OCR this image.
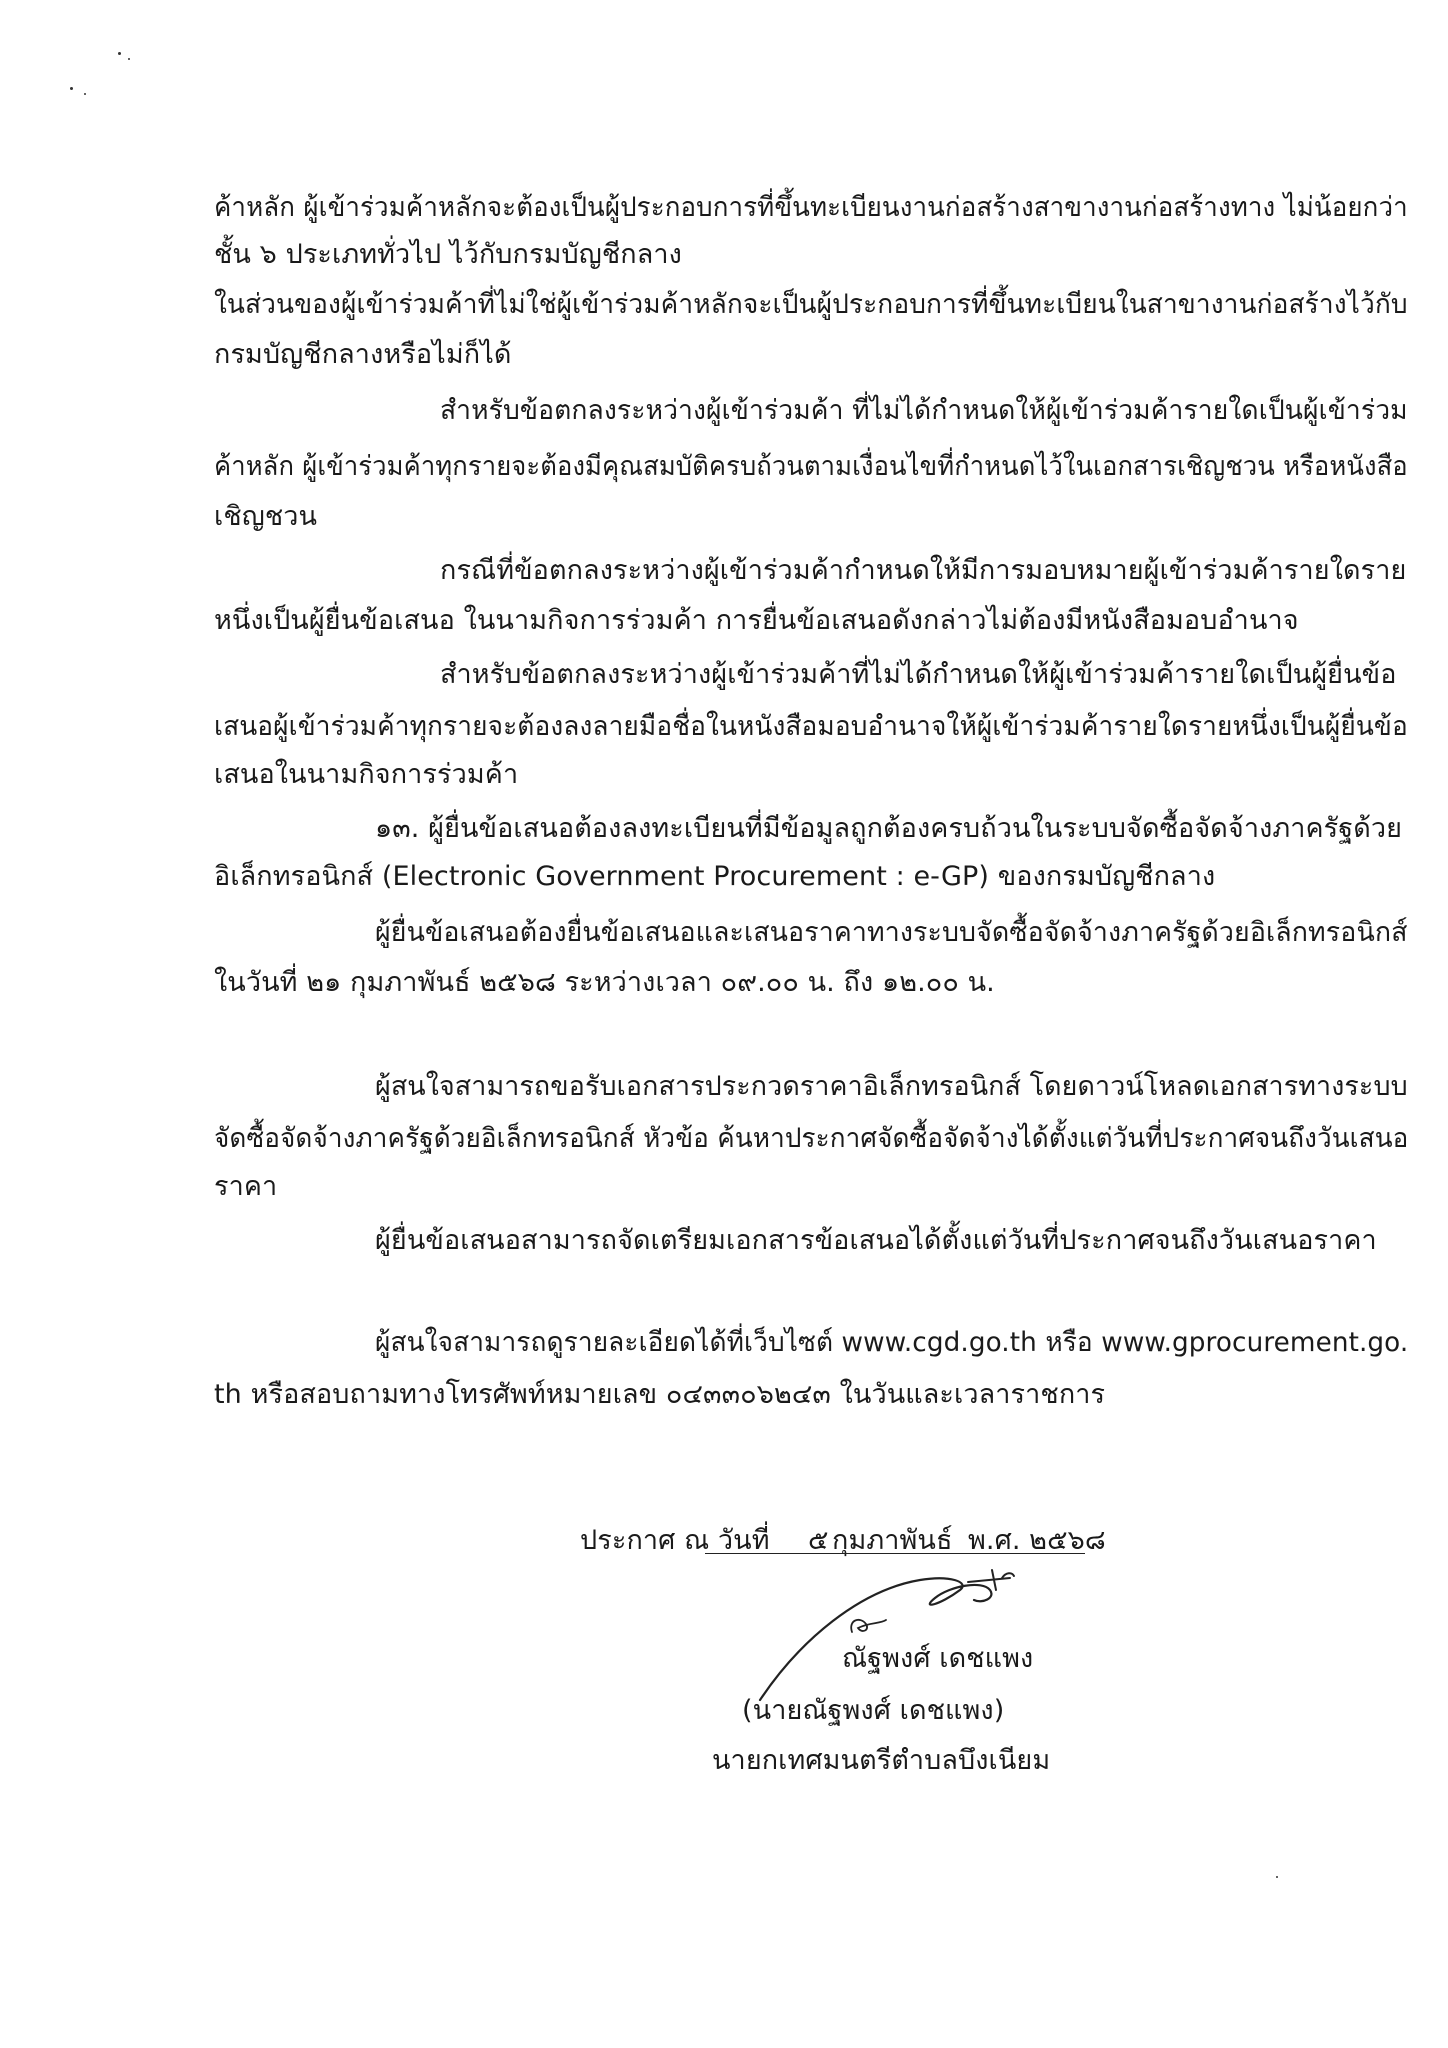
ค้าหลัก ผู้เข้าร่วมค้าหลักจะต้องเป็นผู้ประกอบการที่ขึ้นทะเบียนงานก่อสร้างสาขางานก่อสร้างทาง ไม่น้อยกว่า
ชั้น ๖ ประเภททั่วไป ไว้กับกรมบัญชีกลาง
ในส่วนของผู้เข้าร่วมค้าที่ไม่ใช่ผู้เข้าร่วมค้าหลักจะเป็นผู้ประกอบการที่ขึ้นทะเบียนในสาขางานก่อสร้างไว้กับ
กรมบัญชีกลางหรือไม่ก็ได้
สำหรับข้อตกลงระหว่างผู้เข้าร่วมค้า ที่ไม่ได้กำหนดให้ผู้เข้าร่วมค้ารายใดเป็นผู้เข้าร่วม
ค้าหลัก ผู้เข้าร่วมค้าทุกรายจะต้องมีคุณสมบัติครบถ้วนตามเงื่อนไขที่กำหนดไว้ในเอกสารเชิญชวน หรือหนังสือ
เชิญชวน
กรณีที่ข้อตกลงระหว่างผู้เข้าร่วมค้ากำหนดให้มีการมอบหมายผู้เข้าร่วมค้ารายใดราย
หนึ่งเป็นผู้ยื่นข้อเสนอ ในนามกิจการร่วมค้า การยื่นข้อเสนอดังกล่าวไม่ต้องมีหนังสือมอบอำนาจ
สำหรับข้อตกลงระหว่างผู้เข้าร่วมค้าที่ไม่ได้กำหนดให้ผู้เข้าร่วมค้ารายใดเป็นผู้ยื่นข้อ
เสนอผู้เข้าร่วมค้าทุกรายจะต้องลงลายมือชื่อในหนังสือมอบอำนาจให้ผู้เข้าร่วมค้ารายใดรายหนึ่งเป็นผู้ยื่นข้อ
เสนอในนามกิจการร่วมค้า
๑๓. ผู้ยื่นข้อเสนอต้องลงทะเบียนที่มีข้อมูลถูกต้องครบถ้วนในระบบจัดซื้อจัดจ้างภาครัฐด้วย
อิเล็กทรอนิกส์ (Electronic Government Procurement : e-GP) ของกรมบัญชีกลาง
ผู้ยื่นข้อเสนอต้องยื่นข้อเสนอและเสนอราคาทางระบบจัดซื้อจัดจ้างภาครัฐด้วยอิเล็กทรอนิกส์
ในวันที่ ๒๑ กุมภาพันธ์ ๒๕๖๘ ระหว่างเวลา ๐๙.๐๐ น. ถึง ๑๒.๐๐ น.
ผู้สนใจสามารถขอรับเอกสารประกวดราคาอิเล็กทรอนิกส์ โดยดาวน์โหลดเอกสารทางระบบ
จัดซื้อจัดจ้างภาครัฐด้วยอิเล็กทรอนิกส์ หัวข้อ ค้นหาประกาศจัดซื้อจัดจ้างได้ตั้งแต่วันที่ประกาศจนถึงวันเสนอ
ราคา
ผู้ยื่นข้อเสนอสามารถจัดเตรียมเอกสารข้อเสนอได้ตั้งแต่วันที่ประกาศจนถึงวันเสนอราคา
ผู้สนใจสามารถดูรายละเอียดได้ที่เว็บไซต์ www.cgd.go.th หรือ www.gprocurement.go.
th หรือสอบถามทางโทรศัพท์หมายเลข ๐๔๓๓๐๖๒๔๓ ในวันและเวลาราชการ
ประกาศ ณ วันที่ ๕ กุมภาพันธ์ พ.ศ. ๒๕๖๘
ณัฐพงศ์ เดชแพง
(นายณัฐพงศ์ เดชแพง)
นายกเทศมนตรีตำบลบึงเนียม
